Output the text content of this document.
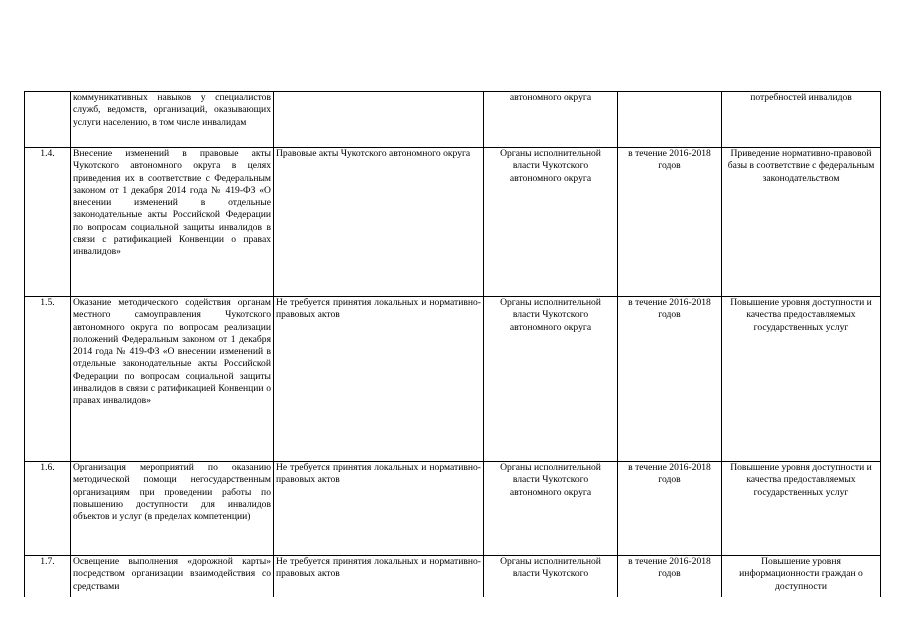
	коммуникативных навыков у специалистов служб, ведомств, организаций, оказывающих услуги населению, в том числе инвалидам		автономного округа		потребностей инвалидов
1.4.	Внесение изменений в правовые акты Чукотского автономного округа в целях приведения их в соответствие с Федеральным законом от 1 декабря 2014 года № 419-ФЗ «О внесении изменений в отдельные законодательные акты Российской Федерации по вопросам социальной защиты инвалидов в связи с ратификацией Конвенции о правах инвалидов»	Правовые акты Чукотского автономного округа	Органы исполнительной власти Чукотского автономного округа	в течение 2016-2018 годов	Приведение нормативно-правовой базы в соответствие с федеральным законодательством
1.5.	Оказание методического содействия органам местного самоуправления Чукотского автономного округа по вопросам реализации положений Федеральным законом от 1 декабря 2014 года № 419-ФЗ «О внесении изменений в отдельные законодательные акты Российской Федерации по вопросам социальной защиты инвалидов в связи с ратификацией Конвенции о правах инвалидов»	Не требуется принятия локальных и нормативно-правовых актов	Органы исполнительной власти Чукотского автономного округа	в течение 2016-2018 годов	Повышение уровня доступности и качества предоставляемых государственных услуг
1.6.	Организация мероприятий по оказанию методической помощи негосударственным организациям при проведении работы по повышению доступности для инвалидов объектов и услуг (в пределах компетенции)	Не требуется принятия локальных и нормативно-правовых актов	Органы исполнительной власти Чукотского автономного округа	в течение 2016-2018 годов	Повышение уровня доступности и качества предоставляемых государственных услуг
1.7.	Освещение выполнения «дорожной карты» посредством организации взаимодействия со средствами	Не требуется принятия локальных и нормативно-правовых актов	Органы исполнительной власти Чукотского	в течение 2016-2018 годов	Повышение уровня информационности граждан о доступности
